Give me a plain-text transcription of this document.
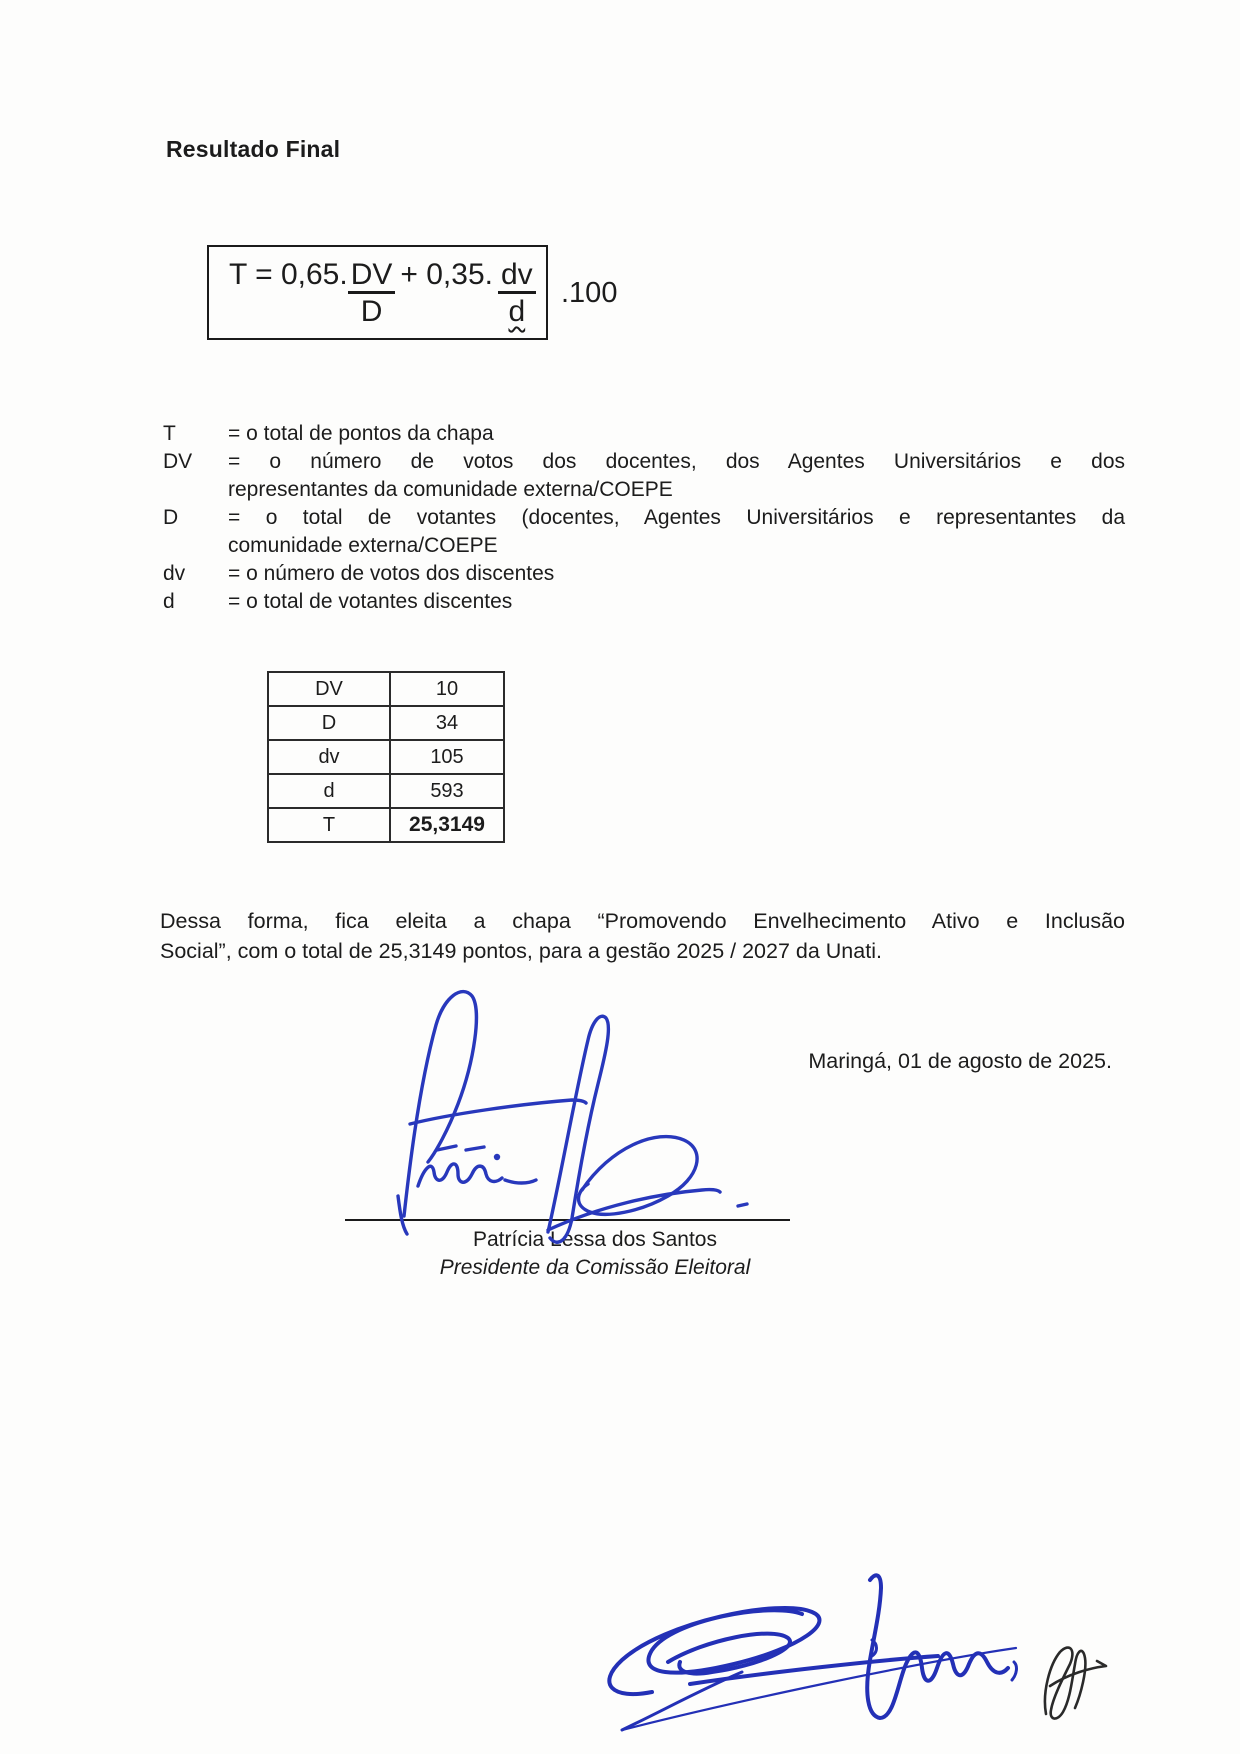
Resultado Final
T = 0,65. $\frac{DV}{D} + 0,35$. $\frac{dv}{d} .100$
T	= o total de pontos da chapa
DV	= o número de votos dos docentes, dos Agentes Universitários e dos
representantes da comunidade externa/COEPE
D	= o total de votantes (docentes, Agentes Universitários e representantes da
comunidade externa/COEPE
dv	= o número de votos dos discentes
d	= o total de votantes discentes
DV	10
D	34
dv	105
d	593
T	25,3149
Dessa forma, fica eleita a chapa “Promovendo Envelhecimento Ativo e Inclusão
Social”, com o total de 25,3149 pontos, para a gestão 2025 / 2027 da Unati.
Maringá, 01 de agosto de 2025.
Patrícia Lessa dos Santos
Presidente da Comissão Eleitoral
